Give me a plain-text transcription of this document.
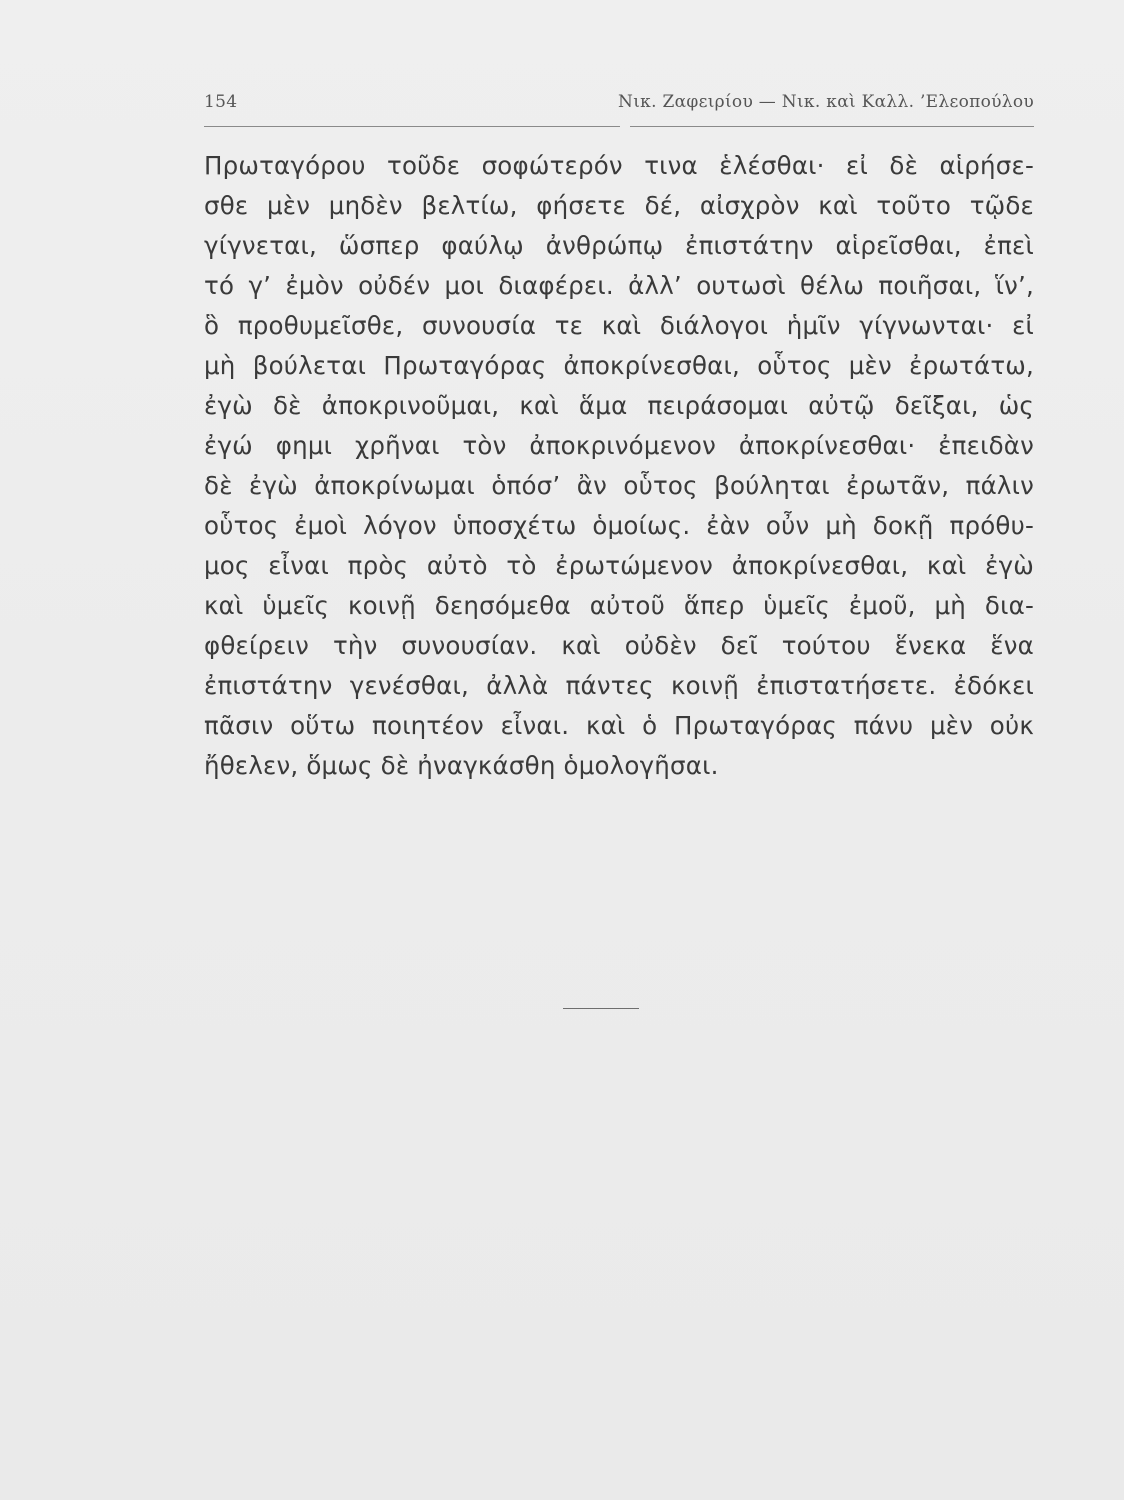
154	Νικ. Ζαφειρίου — Νικ. καὶ Καλλ. ’Ελεοπούλου
Πρωταγόρου τοῦδε σοφώτερόν τινα ἑλέσθαι· εἰ δὲ αἱρήσε-
σθε μὲν μηδὲν βελτίω, φήσετε δέ, αἰσχρὸν καὶ τοῦτο τῷδε
γίγνεται, ὥσπερ φαύλῳ ἀνθρώπῳ ἐπιστάτην αἱρεῖσθαι, ἐπεὶ
τό γ’ ἐμὸν οὐδέν μοι διαφέρει. ἀλλ’ ουτωσὶ θέλω ποιῆσαι, ἵν’,
ὃ προθυμεῖσθε, συνουσία τε καὶ διάλογοι ἡμῖν γίγνωνται· εἰ
μὴ βούλεται Πρωταγόρας ἀποκρίνεσθαι, οὗτος μὲν ἐρωτάτω,
ἐγὼ δὲ ἀποκρινοῦμαι, καὶ ἅμα πειράσομαι αὐτῷ δεῖξαι, ὡς
ἐγώ φημι χρῆναι τὸν ἀποκρινόμενον ἀποκρίνεσθαι· ἐπειδὰν
δὲ ἐγὼ ἀποκρίνωμαι ὁπόσ’ ἂν οὗτος βούληται ἐρωτᾶν, πάλιν
οὗτος ἐμοὶ λόγον ὑποσχέτω ὁμοίως. ἐὰν οὖν μὴ δοκῇ πρόθυ-
μος εἶναι πρὸς αὐτὸ τὸ ἐρωτώμενον ἀποκρίνεσθαι, καὶ ἐγὼ
καὶ ὑμεῖς κοινῇ δεησόμεθα αὐτοῦ ἅπερ ὑμεῖς ἐμοῦ, μὴ δια-
φθείρειν τὴν συνουσίαν. καὶ οὐδὲν δεῖ τούτου ἕνεκα ἕνα
ἐπιστάτην γενέσθαι, ἀλλὰ πάντες κοινῇ ἐπιστατήσετε. ἐδόκει
πᾶσιν οὕτω ποιητέον εἶναι. καὶ ὁ Πρωταγόρας πάνυ μὲν οὐκ
ἤθελεν, ὅμως δὲ ἠναγκάσθη ὁμολογῆσαι.
